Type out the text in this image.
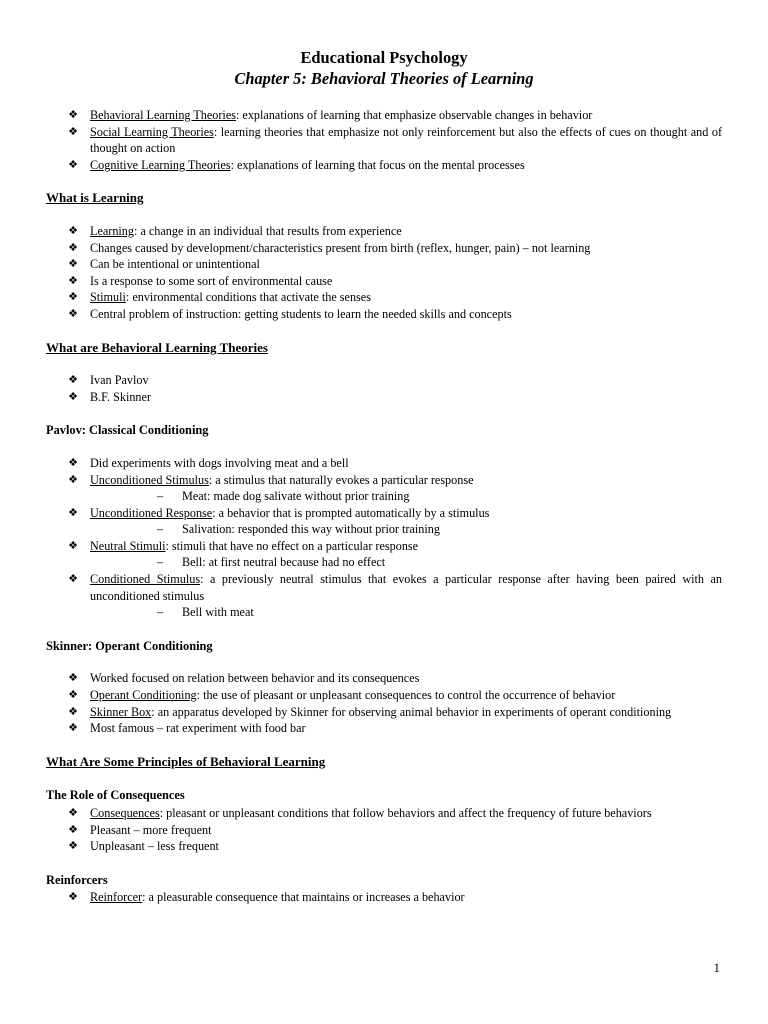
Educational Psychology
Chapter 5: Behavioral Theories of Learning
❖ Behavioral Learning Theories: explanations of learning that emphasize observable changes in behavior
❖ Social Learning Theories: learning theories that emphasize not only reinforcement but also the effects of cues on thought and of thought on action
❖ Cognitive Learning Theories: explanations of learning that focus on the mental processes
What is Learning
❖ Learning: a change in an individual that results from experience
❖ Changes caused by development/characteristics present from birth (reflex, hunger, pain) – not learning
❖ Can be intentional or unintentional
❖ Is a response to some sort of environmental cause
❖ Stimuli: environmental conditions that activate the senses
❖ Central problem of instruction: getting students to learn the needed skills and concepts
What are Behavioral Learning Theories
❖ Ivan Pavlov
❖ B.F. Skinner
Pavlov: Classical Conditioning
❖ Did experiments with dogs involving meat and a bell
❖ Unconditioned Stimulus: a stimulus that naturally evokes a particular response
– Meat: made dog salivate without prior training
❖ Unconditioned Response: a behavior that is prompted automatically by a stimulus
– Salivation: responded this way without prior training
❖ Neutral Stimuli: stimuli that have no effect on a particular response
– Bell: at first neutral because had no effect
❖ Conditioned Stimulus: a previously neutral stimulus that evokes a particular response after having been paired with an unconditioned stimulus
– Bell with meat
Skinner: Operant Conditioning
❖ Worked focused on relation between behavior and its consequences
❖ Operant Conditioning: the use of pleasant or unpleasant consequences to control the occurrence of behavior
❖ Skinner Box: an apparatus developed by Skinner for observing animal behavior in experiments of operant conditioning
❖ Most famous – rat experiment with food bar
What Are Some Principles of Behavioral Learning
The Role of Consequences
❖ Consequences: pleasant or unpleasant conditions that follow behaviors and affect the frequency of future behaviors
❖ Pleasant – more frequent
❖ Unpleasant – less frequent
Reinforcers
❖ Reinforcer: a pleasurable consequence that maintains or increases a behavior
1
